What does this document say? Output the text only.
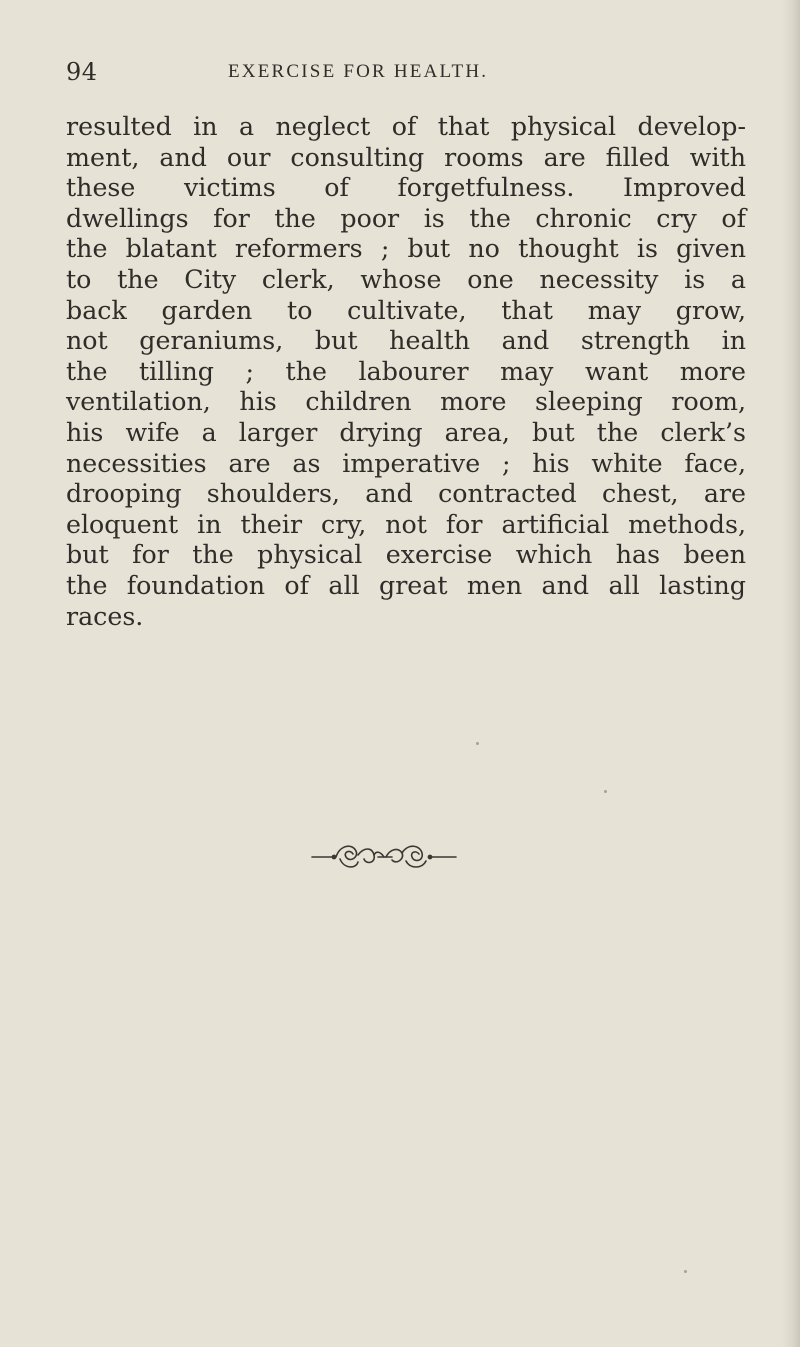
94	EXERCISE FOR HEALTH.
resulted in a neglect of that physical develop-
ment, and our consulting rooms are filled with
these victims of forgetfulness. Improved
dwellings for the poor is the chronic cry of
the blatant reformers ; but no thought is given
to the City clerk, whose one necessity is a
back garden to cultivate, that may grow,
not geraniums, but health and strength in
the tilling ; the labourer may want more
ventilation, his children more sleeping room,
his wife a larger drying area, but the clerk’s
necessities are as imperative ; his white face,
drooping shoulders, and contracted chest, are
eloquent in their cry, not for artificial methods,
but for the physical exercise which has been
the foundation of all great men and all lasting
races.
